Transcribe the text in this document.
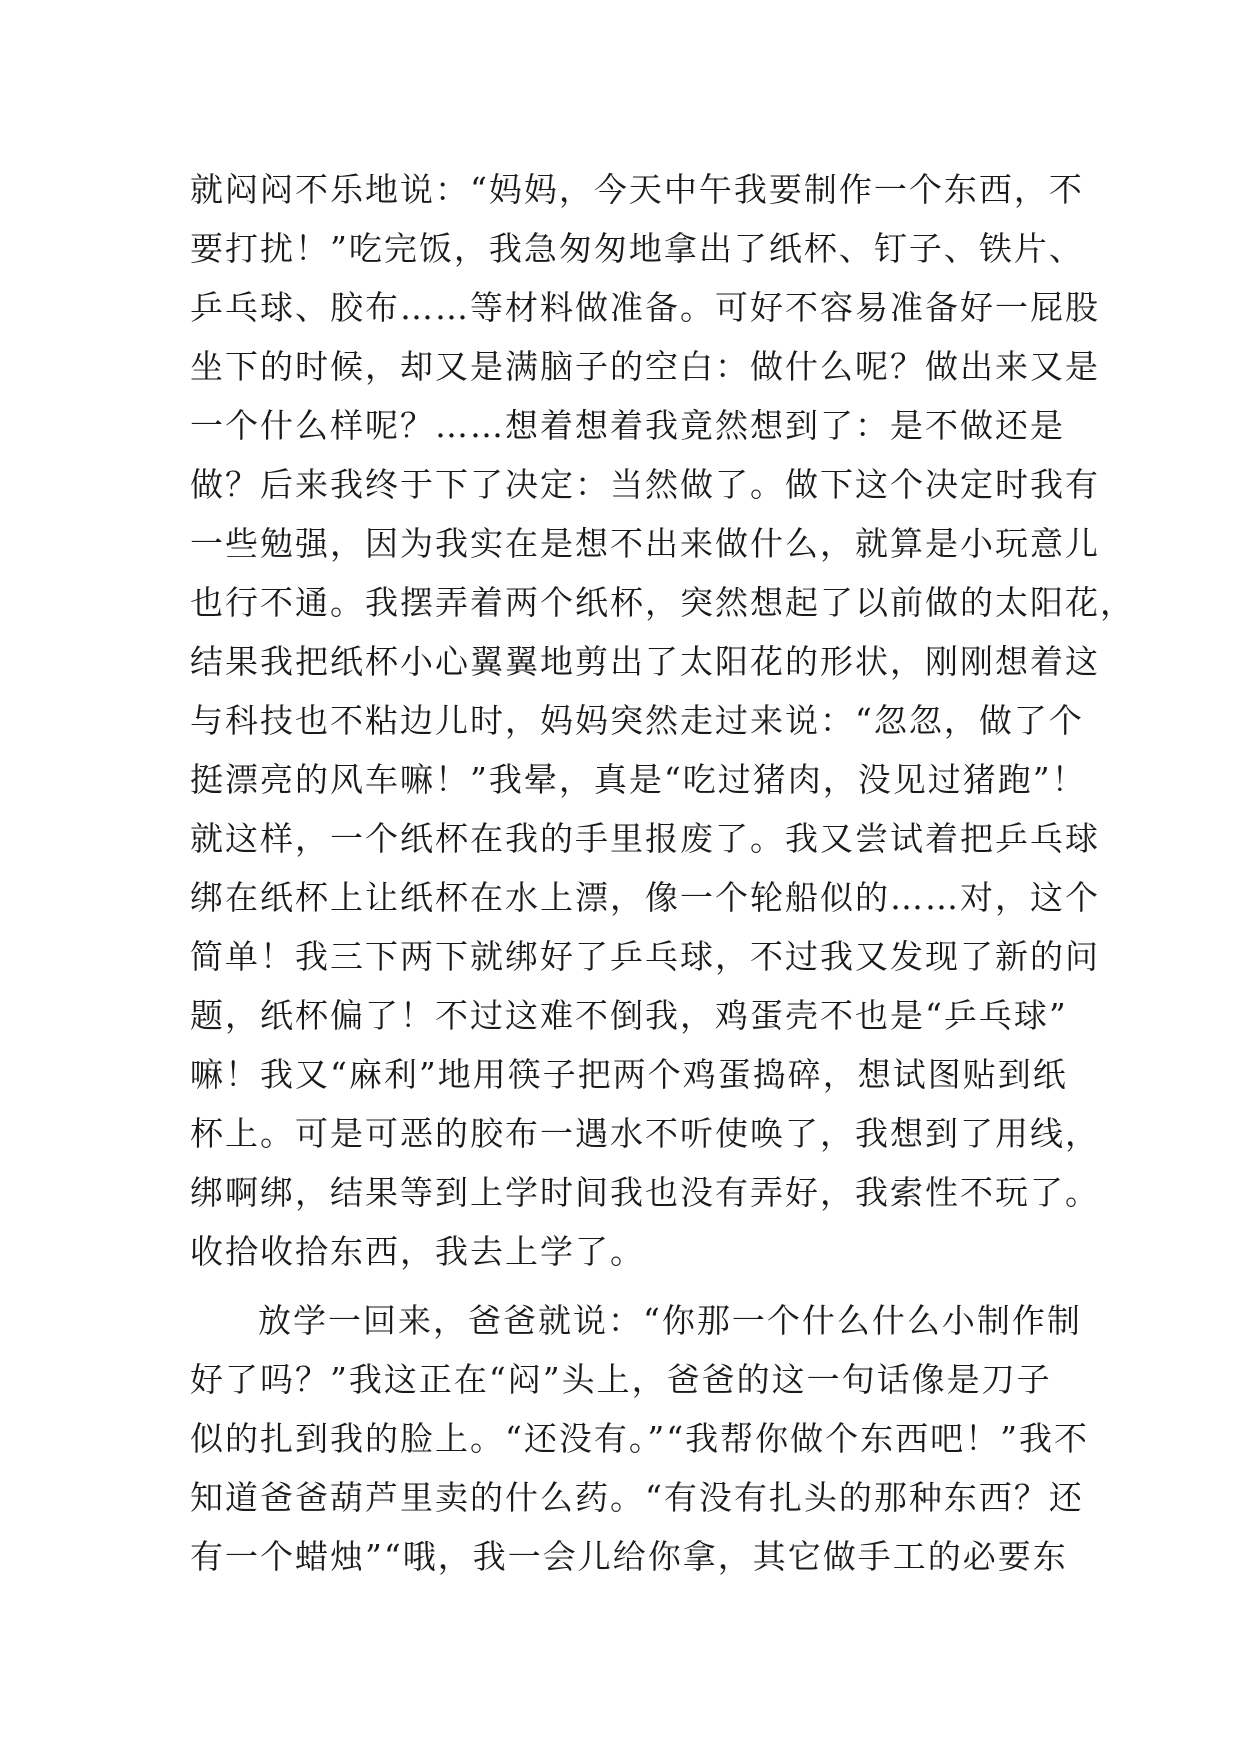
就闷闷不乐地说：“妈妈，今天中午我要制作一个东西，不
要打扰！”吃完饭，我急匆匆地拿出了纸杯、钉子、铁片、
乒乓球、胶布……等材料做准备。可好不容易准备好一屁股
坐下的时候，却又是满脑子的空白：做什么呢？做出来又是
一个什么样呢？……想着想着我竟然想到了：是不做还是
做？后来我终于下了决定：当然做了。做下这个决定时我有
一些勉强，因为我实在是想不出来做什么，就算是小玩意儿
也行不通。我摆弄着两个纸杯，突然想起了以前做的太阳花，
结果我把纸杯小心翼翼地剪出了太阳花的形状，刚刚想着这
与科技也不粘边儿时，妈妈突然走过来说：“忽忽，做了个
挺漂亮的风车嘛！”我晕，真是“吃过猪肉，没见过猪跑”！
就这样，一个纸杯在我的手里报废了。我又尝试着把乒乓球
绑在纸杯上让纸杯在水上漂，像一个轮船似的……对，这个
简单！我三下两下就绑好了乒乓球，不过我又发现了新的问
题，纸杯偏了！不过这难不倒我，鸡蛋壳不也是“乒乓球”
嘛！我又“麻利”地用筷子把两个鸡蛋捣碎，想试图贴到纸
杯上。可是可恶的胶布一遇水不听使唤了，我想到了用线，
绑啊绑，结果等到上学时间我也没有弄好，我索性不玩了。
收拾收拾东西，我去上学了。
放学一回来，爸爸就说：“你那一个什么什么小制作制
好了吗？”我这正在“闷”头上，爸爸的这一句话像是刀子
似的扎到我的脸上。“还没有。”“我帮你做个东西吧！”我不
知道爸爸葫芦里卖的什么药。“有没有扎头的那种东西？还
有一个蜡烛”“哦，我一会儿给你拿，其它做手工的必要东
